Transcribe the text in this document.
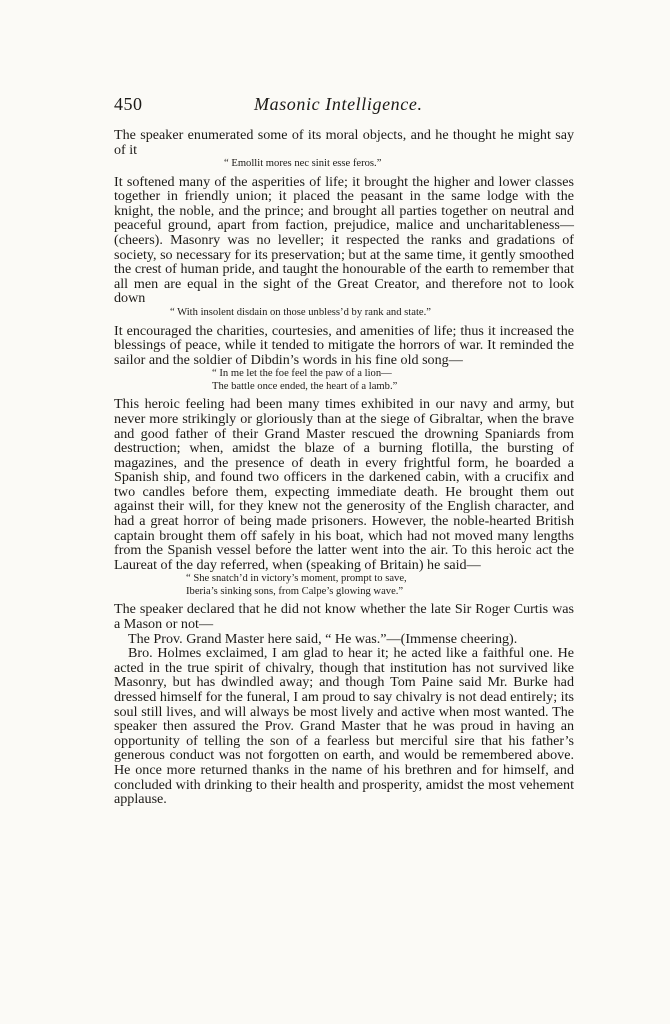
450	Masonic Intelligence.

The speaker enumerated some of its moral objects, and he thought he might say of it

“ Emollit mores nec sinit esse feros.”

It softened many of the asperities of life; it brought the higher and lower classes together in friendly union; it placed the peasant in the same lodge with the knight, the noble, and the prince; and brought all parties together on neutral and peaceful ground, apart from faction, prejudice, malice and uncharitableness—(cheers). Masonry was no leveller; it respected the ranks and gradations of society, so necessary for its preservation; but at the same time, it gently smoothed the crest of human pride, and taught the honourable of the earth to remember that all men are equal in the sight of the Great Creator, and therefore not to look down

“ With insolent disdain on those unbless’d by rank and state.”

It encouraged the charities, courtesies, and amenities of life; thus it increased the blessings of peace, while it tended to mitigate the horrors of war. It reminded the sailor and the soldier of Dibdin’s words in his fine old song—

“ In me let the foe feel the paw of a lion—
The battle once ended, the heart of a lamb.”

This heroic feeling had been many times exhibited in our navy and army, but never more strikingly or gloriously than at the siege of Gibraltar, when the brave and good father of their Grand Master rescued the drowning Spaniards from destruction; when, amidst the blaze of a burning flotilla, the bursting of magazines, and the presence of death in every frightful form, he boarded a Spanish ship, and found two officers in the darkened cabin, with a crucifix and two candles before them, expecting immediate death. He brought them out against their will, for they knew not the generosity of the English character, and had a great horror of being made prisoners. However, the noble-hearted British captain brought them off safely in his boat, which had not moved many lengths from the Spanish vessel before the latter went into the air. To this heroic act the Laureat of the day referred, when (speaking of Britain) he said—

“ She snatch’d in victory’s moment, prompt to save,
Iberia’s sinking sons, from Calpe’s glowing wave.”

The speaker declared that he did not know whether the late Sir Roger Curtis was a Mason or not—

The Prov. Grand Master here said, “ He was.”—(Immense cheering).

Bro. Holmes exclaimed, I am glad to hear it; he acted like a faithful one. He acted in the true spirit of chivalry, though that institution has not survived like Masonry, but has dwindled away; and though Tom Paine said Mr. Burke had dressed himself for the funeral, I am proud to say chivalry is not dead entirely; its soul still lives, and will always be most lively and active when most wanted. The speaker then assured the Prov. Grand Master that he was proud in having an opportunity of telling the son of a fearless but merciful sire that his father’s generous conduct was not forgotten on earth, and would be remembered above. He once more returned thanks in the name of his brethren and for himself, and concluded with drinking to their health and prosperity, amidst the most vehement applause.
